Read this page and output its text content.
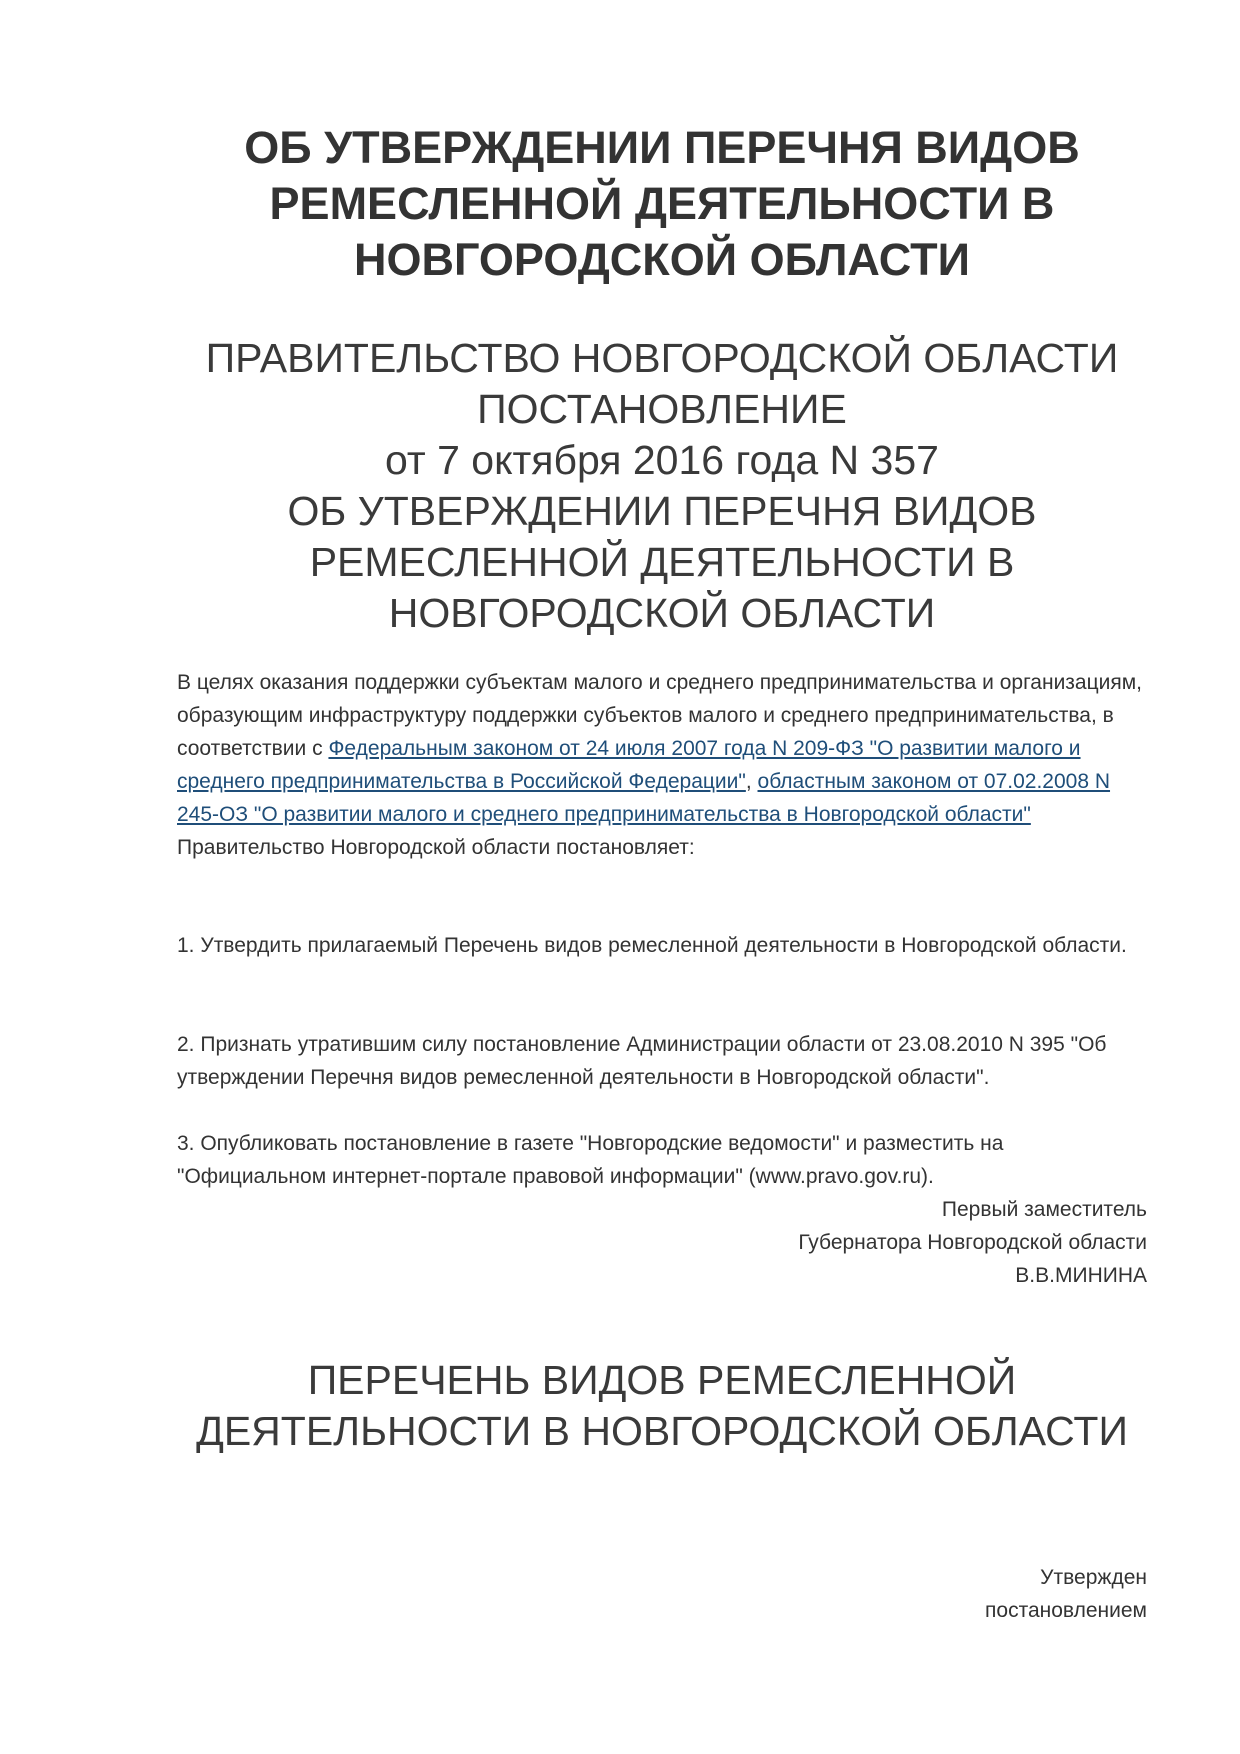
ОБ УТВЕРЖДЕНИИ ПЕРЕЧНЯ ВИДОВ РЕМЕСЛЕННОЙ ДЕЯТЕЛЬНОСТИ В НОВГОРОДСКОЙ ОБЛАСТИ
ПРАВИТЕЛЬСТВО НОВГОРОДСКОЙ ОБЛАСТИ
ПОСТАНОВЛЕНИЕ
от 7 октября 2016 года N 357
ОБ УТВЕРЖДЕНИИ ПЕРЕЧНЯ ВИДОВ РЕМЕСЛЕННОЙ ДЕЯТЕЛЬНОСТИ В НОВГОРОДСКОЙ ОБЛАСТИ

В целях оказания поддержки субъектам малого и среднего предпринимательства и организациям, образующим инфраструктуру поддержки субъектов малого и среднего предпринимательства, в соответствии с Федеральным законом от 24 июля 2007 года N 209-ФЗ "О развитии малого и среднего предпринимательства в Российской Федерации", областным законом от 07.02.2008 N 245-ОЗ "О развитии малого и среднего предпринимательства в Новгородской области" Правительство Новгородской области постановляет:

1. Утвердить прилагаемый Перечень видов ремесленной деятельности в Новгородской области.

2. Признать утратившим силу постановление Администрации области от 23.08.2010 N 395 "Об утверждении Перечня видов ремесленной деятельности в Новгородской области".

3. Опубликовать постановление в газете "Новгородские ведомости" и разместить на "Официальном интернет-портале правовой информации" (www.pravo.gov.ru).

Первый заместитель
Губернатора Новгородской области
В.В.МИНИНА
ПЕРЕЧЕНЬ ВИДОВ РЕМЕСЛЕННОЙ ДЕЯТЕЛЬНОСТИ В НОВГОРОДСКОЙ ОБЛАСТИ
Утвержден
постановлением
